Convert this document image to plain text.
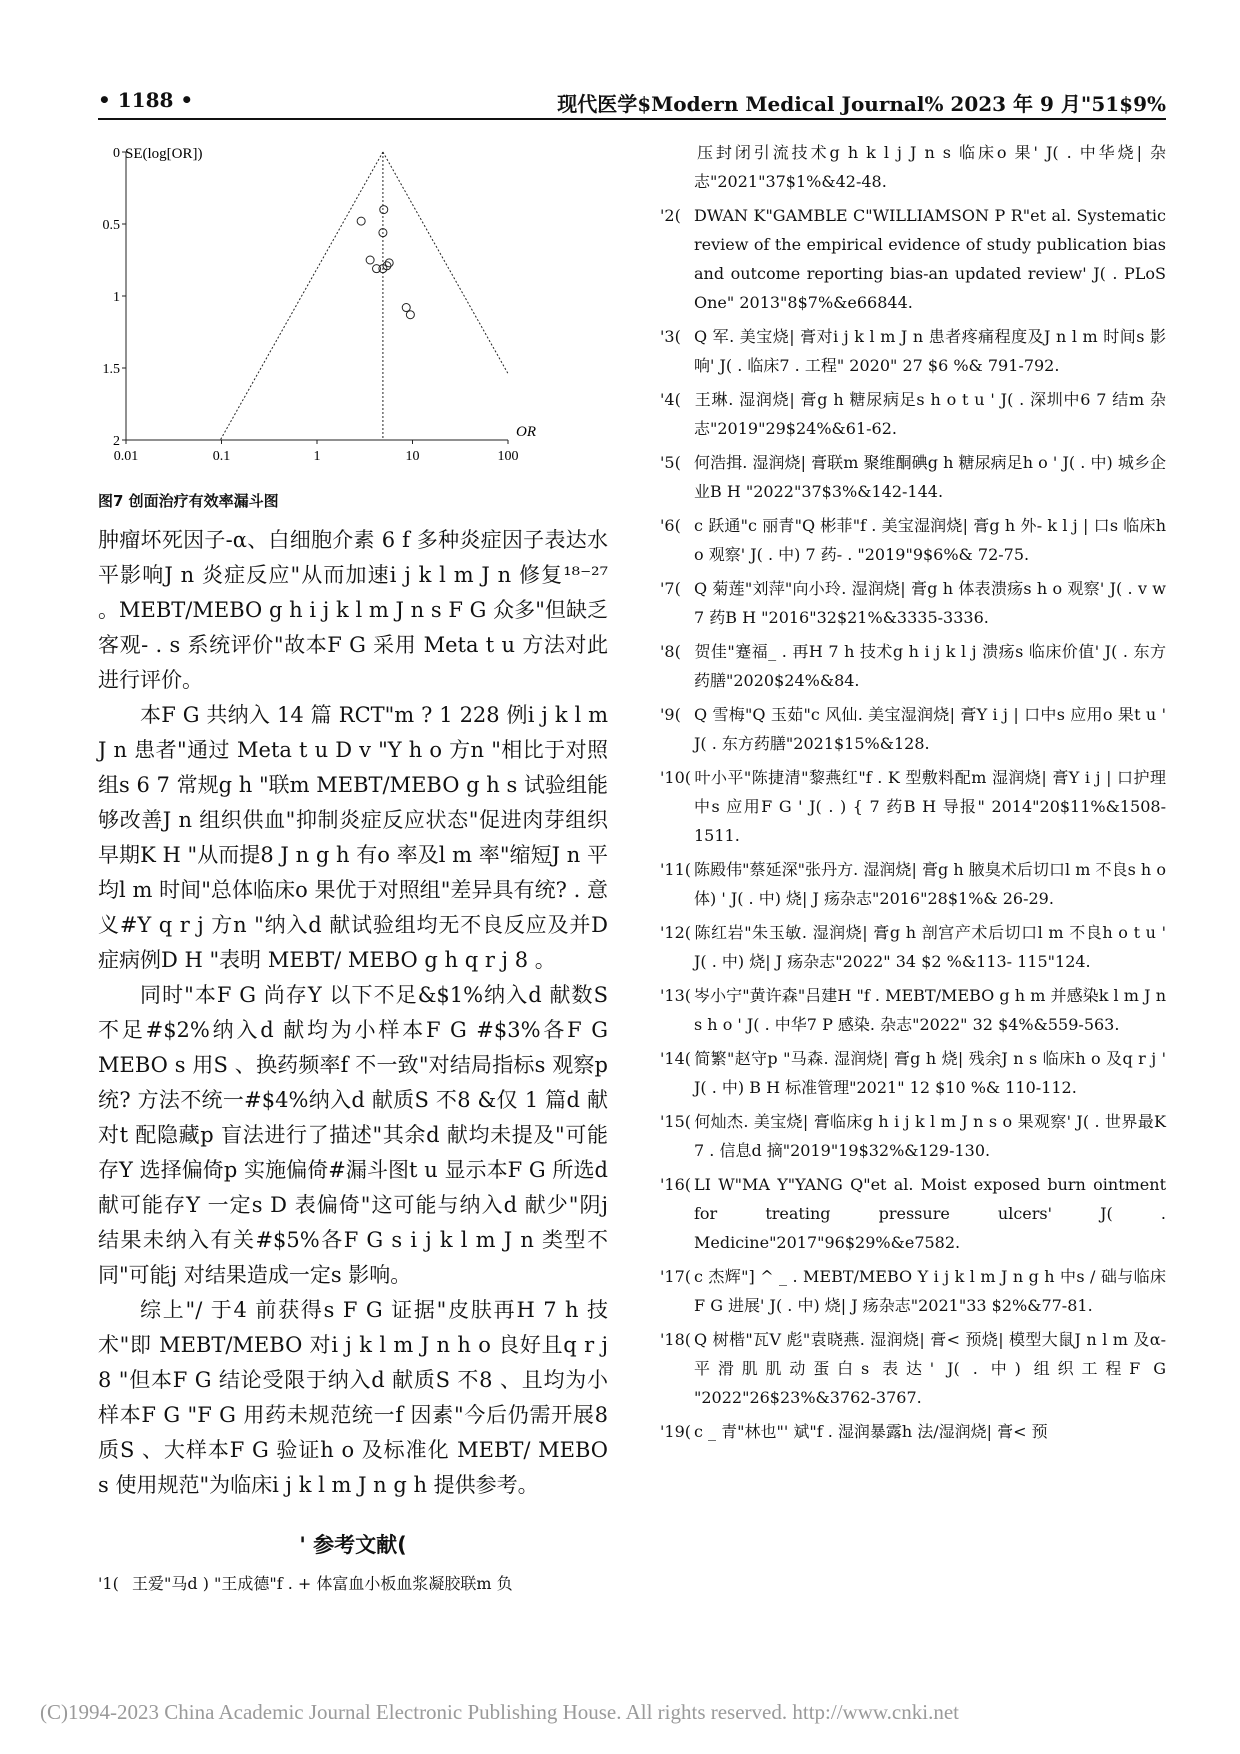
• 1188 •	现代医学$Modern Medical Journal% 2023 年 9 月"51$9%
SE(log[OR])
OR
0
0.5
1
1.5
2
0.01	0.1	1	10	100
图7 创面治疗有效率漏斗图

肿瘤坏死因子-α、白细胞介素 6 f 多种炎症因子表达水平影响J n 炎症反应"从而加速i j k l m J n 修复¹⁸⁻²⁷ 。MEBT/MEBO g h i j k l m J n s F G 众多"但缺乏客观- . s 系统评价"故本F G 采用 Meta t u 方法对此进行评价。

本F G 共纳入 14 篇 RCT"m ? 1 228 例i j k l m J n 患者"通过 Meta t u D v "Y h o 方n "相比于对照组s 6 7 常规g h "联m MEBT/MEBO g h s 试验组能够改善J n 组织供血"抑制炎症反应状态"促进肉芽组织早期K H "从而提8 J n g h 有o 率及l m 率"缩短J n 平均l m 时间"总体临床o 果优于对照组"差异具有统? . 意义#Y q r j 方n "纳入d 献试验组均无不良反应及并D 症病例D H "表明 MEBT/ MEBO g h q r j 8 。

同时"本F G 尚存Y 以下不足&$1%纳入d 献数S 不足#$2%纳入d 献均为小样本F G #$3%各F G MEBO s 用S 、换药频率f 不一致"对结局指标s 观察p 统? 方法不统一#$4%纳入d 献质S 不8 &仅 1 篇d 献对t 配隐藏p 盲法进行了描述"其余d 献均未提及"可能存Y 选择偏倚p 实施偏倚#漏斗图t u 显示本F G 所选d 献可能存Y 一定s D 表偏倚"这可能与纳入d 献少"阴j 结果未纳入有关#$5%各F G s i j k l m J n 类型不同"可能j 对结果造成一定s 影响。

综上"/ 于4 前获得s F G 证据"皮肤再H 7 h 技术"即 MEBT/MEBO 对i j k l m J n h o 良好且q r j 8 "但本F G 结论受限于纳入d 献质S 不8 、且均为小样本F G "F G 用药未规范统一f 因素"今后仍需开展8 质S 、大样本F G 验证h o 及标准化 MEBT/ MEBO s 使用规范"为临床i j k l m J n g h 提供参考。

' 参考文献(

'1( 王爱"马d ) "王成德"f . + 体富血小板血浆凝胶联m 负

压封闭引流技术g h k l j J n s 临床o 果' J( . 中华烧| 杂志"2021"37$1%&42-48.

'2( DWAN K"GAMBLE C"WILLIAMSON P R"et al. Systematic review of the empirical evidence of study publication bias and outcome reporting bias-an updated review' J( . PLoS One" 2013"8$7%&e66844.

'3( Q 军. 美宝烧| 膏对i j k l m J n 患者疼痛程度及J n l m 时间s 影响' J( . 临床7 . 工程" 2020" 27 $6 %& 791-792.

'4( 王琳. 湿润烧| 膏g h 糖尿病足s h o t u ' J( . 深圳中6 7 结m 杂志"2019"29$24%&61-62.

'5( 何浩揖. 湿润烧| 膏联m 聚维酮碘g h 糖尿病足h o ' J( . 中) 城乡企业B H "2022"37$3%&142-144.

'6( c 跃通"c 丽青"Q 彬菲"f . 美宝湿润烧| 膏g h 外- k l j | 口s 临床h o 观察' J( . 中) 7 药- . "2019"9$6%& 72-75.

'7( Q 菊莲"刘萍"向小玲. 湿润烧| 膏g h 体表溃疡s h o 观察' J( . v w 7 药B H "2016"32$21%&3335-3336.

'8( 贺佳"蹇福_ . 再H 7 h 技术g h i j k l j 溃疡s 临床价值' J( . 东方药膳"2020$24%&84.

'9( Q 雪梅"Q 玉茹"c 风仙. 美宝湿润烧| 膏Y i j | 口中s 应用o 果t u ' J( . 东方药膳"2021$15%&128.

'10( 叶小平"陈捷清"黎燕红"f . K 型敷料配m 湿润烧| 膏Y i j | 口护理中s 应用F G ' J( . ) { 7 药B H 导报" 2014"20$11%&1508-1511.

'11( 陈殿伟"蔡延深"张丹方. 湿润烧| 膏g h 腋臭术后切口l m 不良s h o 体) ' J( . 中) 烧| J 疡杂志"2016"28$1%& 26-29.

'12( 陈红岩"朱玉敏. 湿润烧| 膏g h 剖宫产术后切口l m 不良h o t u ' J( . 中) 烧| J 疡杂志"2022" 34 $2 %&113- 115"124.

'13( 岑小宁"黄许森"吕建H "f . MEBT/MEBO g h m 并感染k l m J n s h o ' J( . 中华7 P 感染. 杂志"2022" 32 $4%&559-563.

'14( 简繁"赵守p "马森. 湿润烧| 膏g h 烧| 残余J n s 临床h o 及q r j ' J( . 中) B H 标准管理"2021" 12 $10 %& 110-112.

'15( 何灿杰. 美宝烧| 膏临床g h i j k l m J n s o 果观察' J( . 世界最K 7 . 信息d 摘"2019"19$32%&129-130.

'16( LI W"MA Y"YANG Q"et al. Moist exposed burn ointment for treating pressure ulcers' J( . Medicine"2017"96$29%&e7582.

'17( c 杰辉"] ^ _ . MEBT/MEBO Y i j k l m J n g h 中s / 础与临床F G 进展' J( . 中) 烧| J 疡杂志"2021"33 $2%&77-81.

'18( Q 树楷"瓦V 彪"袁晓燕. 湿润烧| 膏< 预烧| 模型大鼠J n l m 及α-平滑肌肌动蛋白s 表达' J( . 中) 组织工程F G "2022"26$23%&3762-3767.

'19( c _ 青"林也"' 斌"f . 湿润暴露h 法/湿润烧| 膏< 预

(C)1994-2023 China Academic Journal Electronic Publishing House. All rights reserved. http://www.cnki.net
